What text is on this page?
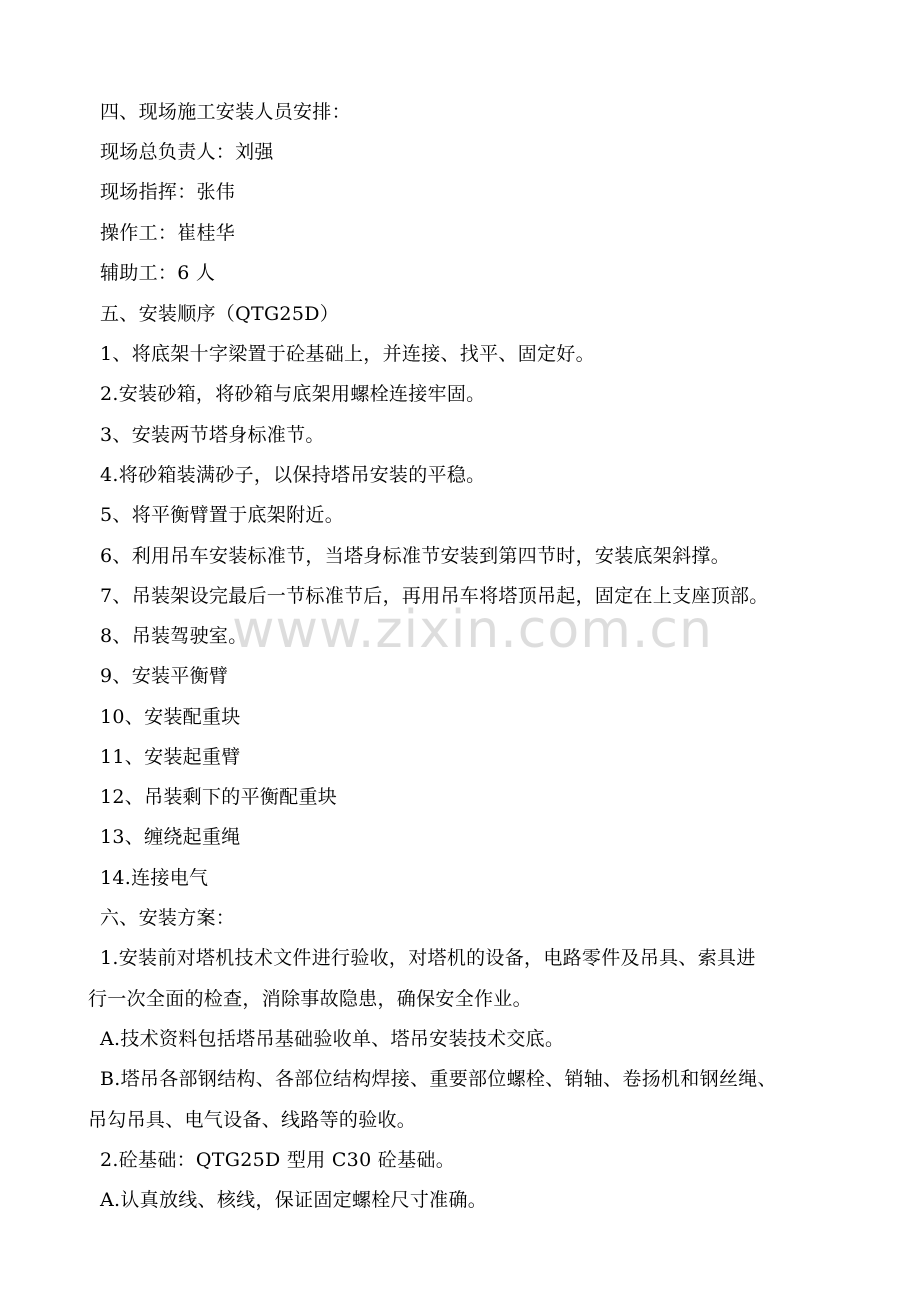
四、现场施工安装人员安排：
现场总负责人：刘强
现场指挥：张伟
操作工：崔桂华
辅助工：6 人
五、安装顺序（QTG25D）
1、将底架十字梁置于砼基础上，并连接、找平、固定好。
2.安装砂箱，将砂箱与底架用螺栓连接牢固。
3、安装两节塔身标准节。
4.将砂箱装满砂子，以保持塔吊安装的平稳。
5、将平衡臂置于底架附近。
6、利用吊车安装标准节，当塔身标准节安装到第四节时，安装底架斜撑。
7、吊装架设完最后一节标准节后，再用吊车将塔顶吊起，固定在上支座顶部。
8、吊装驾驶室。
9、安装平衡臂
10、安装配重块
11、安装起重臂
12、吊装剩下的平衡配重块
13、缠绕起重绳
14.连接电气
六、安装方案：
1.安装前对塔机技术文件进行验收，对塔机的设备，电路零件及吊具、索具进
行一次全面的检查，消除事故隐患，确保安全作业。
A.技术资料包括塔吊基础验收单、塔吊安装技术交底。
B.塔吊各部钢结构、各部位结构焊接、重要部位螺栓、销轴、卷扬机和钢丝绳、
吊勾吊具、电气设备、线路等的验收。
2.砼基础：QTG25D 型用 C30 砼基础。
A.认真放线、核线，保证固定螺栓尺寸准确。
www.zixin.com.cn
